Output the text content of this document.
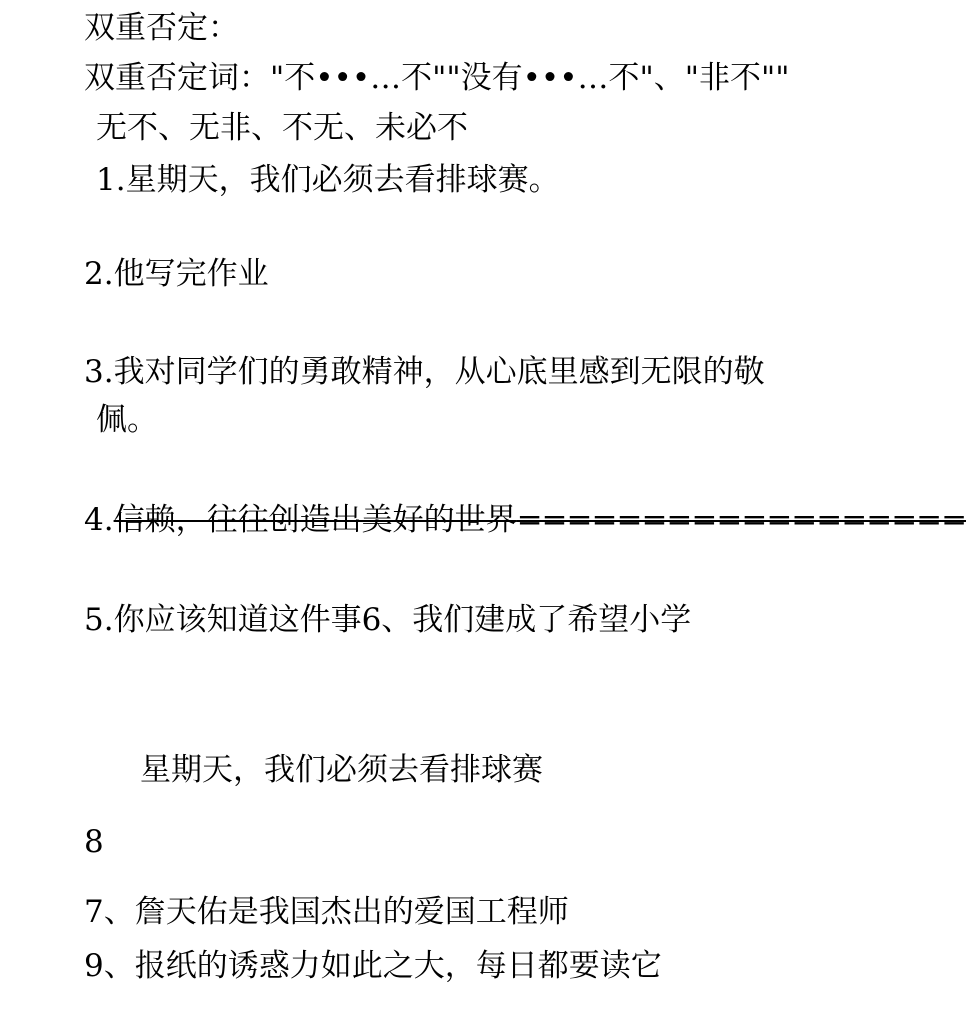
双重否定：
双重否定词："不•••…不""没有•••…不"、"非不""
无不、无非、不无、未必不
1.星期天，我们必须去看排球赛。
2.他写完作业
3.我对同学们的勇敢精神，从心底里感到无限的敬
佩。
4.信赖，往往创造出美好的世界==================
5.你应该知道这件事6、我们建成了希望小学
星期天，我们必须去看排球赛
8
7、詹天佑是我国杰出的爱国工程师
9、报纸的诱惑力如此之大，每日都要读它
